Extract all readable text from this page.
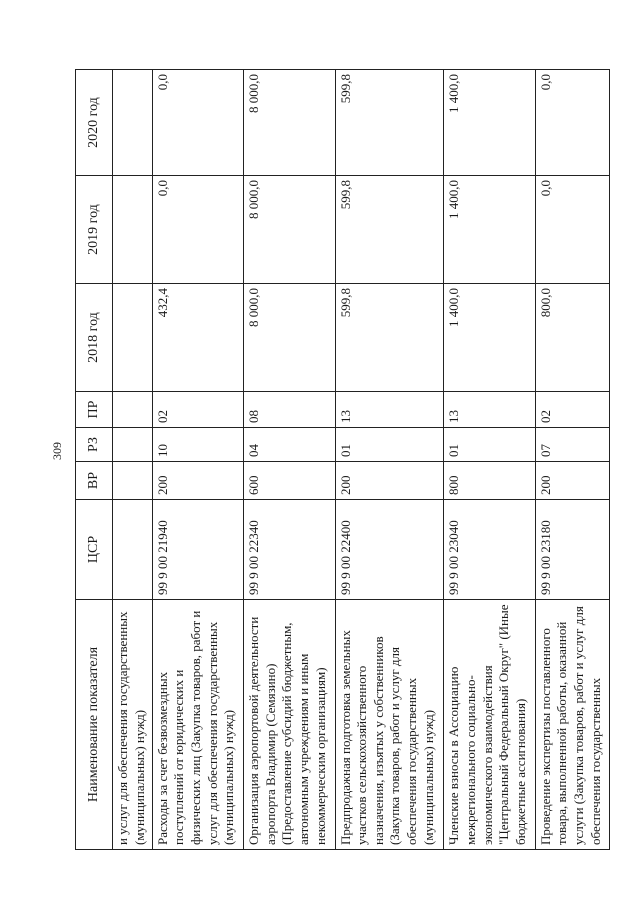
309
Наименование показателя	ЦСР	ВР	РЗ	ПР	2018 год	2019 год	2020 год
и услуг для обеспечения государственных (муниципальных) нужд)							
Расходы за счет безвозмездных поступлений от юридических и физических лиц (Закупка товаров, работ и услуг для обеспечения государственных (муниципальных) нужд)	99 9 00 21940	200	10	02	432,4	0,0	0,0
Организация аэропортовой деятельности аэропорта Владимир (Семязино) (Предоставление субсидий бюджетным, автономным учреждениям и иным некоммерческим организациям)	99 9 00 22340	600	04	08	8 000,0	8 000,0	8 000,0
Предпродажная подготовка земельных участков сельскохозяйственного назначения, изъятых у собственников (Закупка товаров, работ и услуг для обеспечения государственных (муниципальных) нужд)	99 9 00 22400	200	01	13	599,8	599,8	599,8
Членские взносы в Ассоциацию межрегионального социально-экономического взаимодействия "Центральный Федеральный Округ" (Иные бюджетные ассигнования)	99 9 00 23040	800	01	13	1 400,0	1 400,0	1 400,0
Проведение экспертизы поставленного товара, выполненной работы, оказанной услуги (Закупка товаров, работ и услуг для обеспечения государственных	99 9 00 23180	200	07	02	800,0	0,0	0,0
